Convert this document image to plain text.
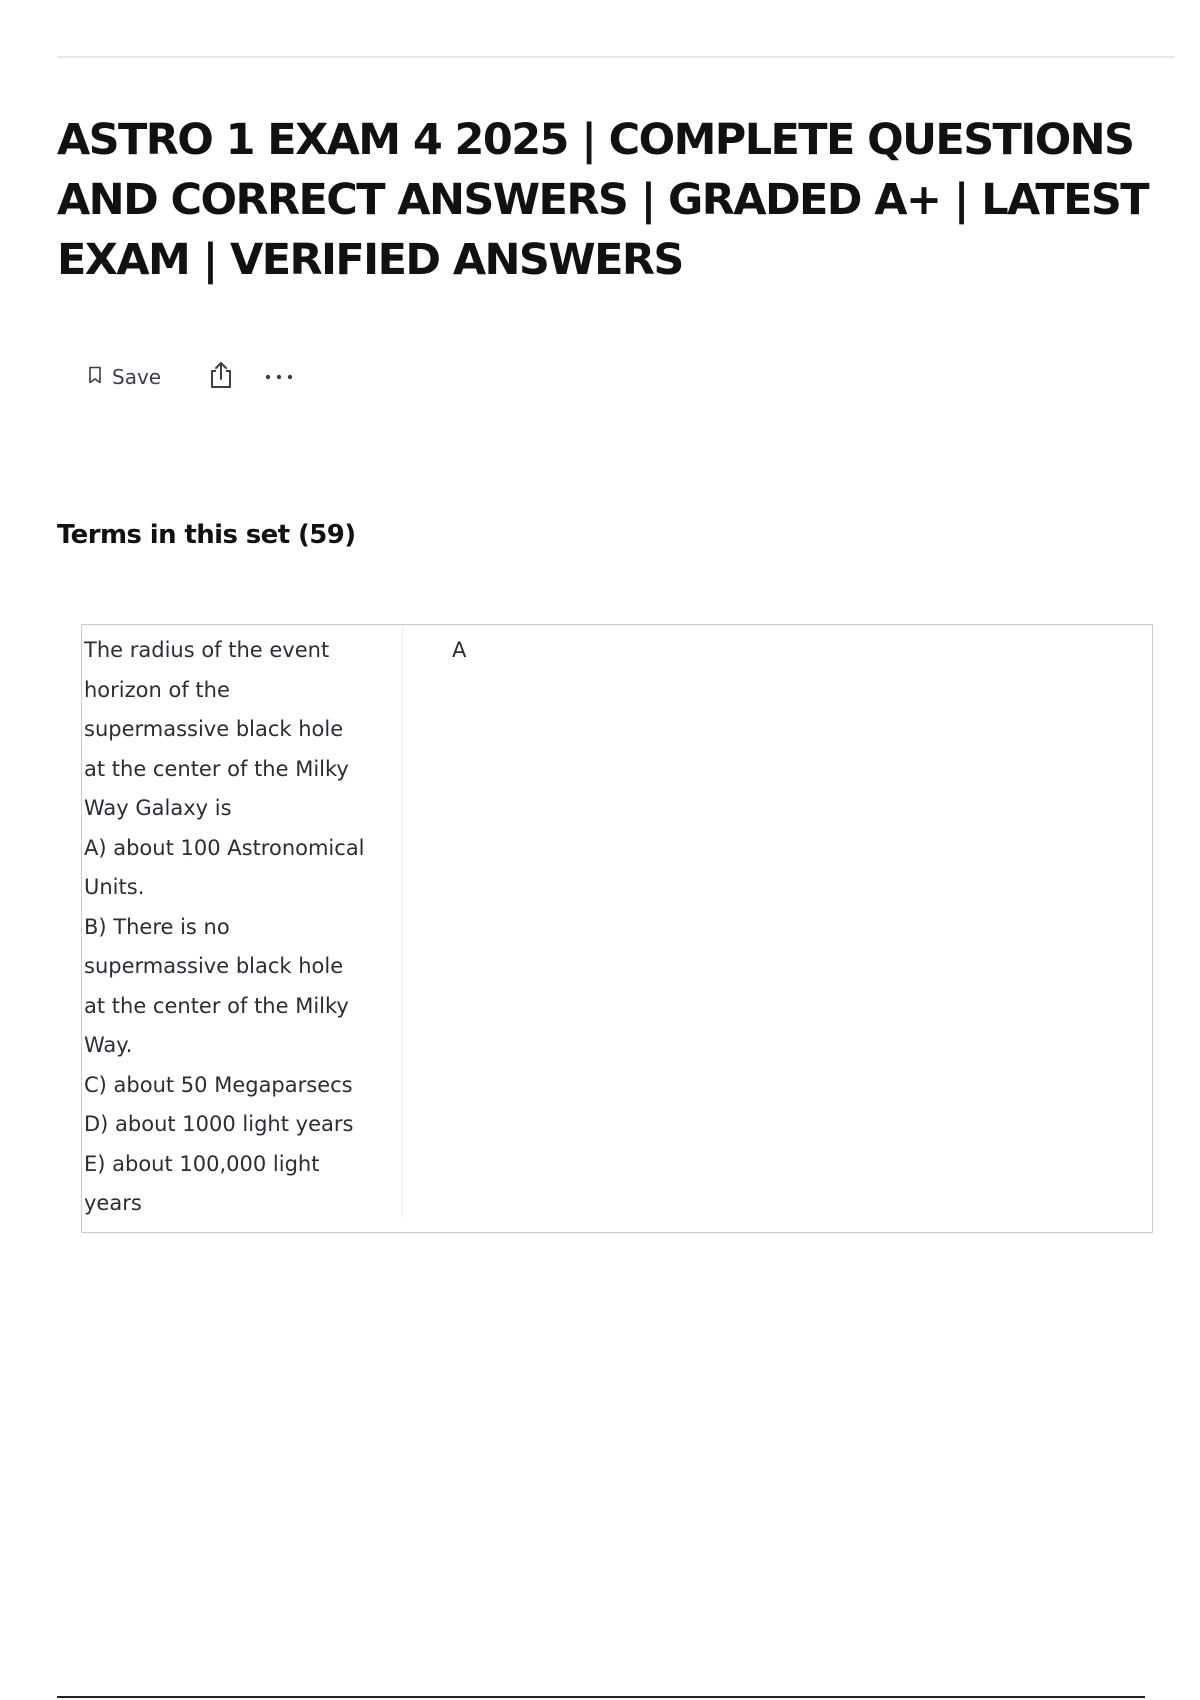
ASTRO 1 EXAM 4 2025 | COMPLETE QUESTIONS AND CORRECT ANSWERS | GRADED A+ | LATEST EXAM | VERIFIED ANSWERS
Save
Terms in this set (59)
The radius of the event
horizon of the
supermassive black hole
at the center of the Milky
Way Galaxy is
A) about 100 Astronomical
Units.
B) There is no
supermassive black hole
at the center of the Milky
Way.
C) about 50 Megaparsecs
D) about 1000 light years
E) about 100,000 light
years
A
